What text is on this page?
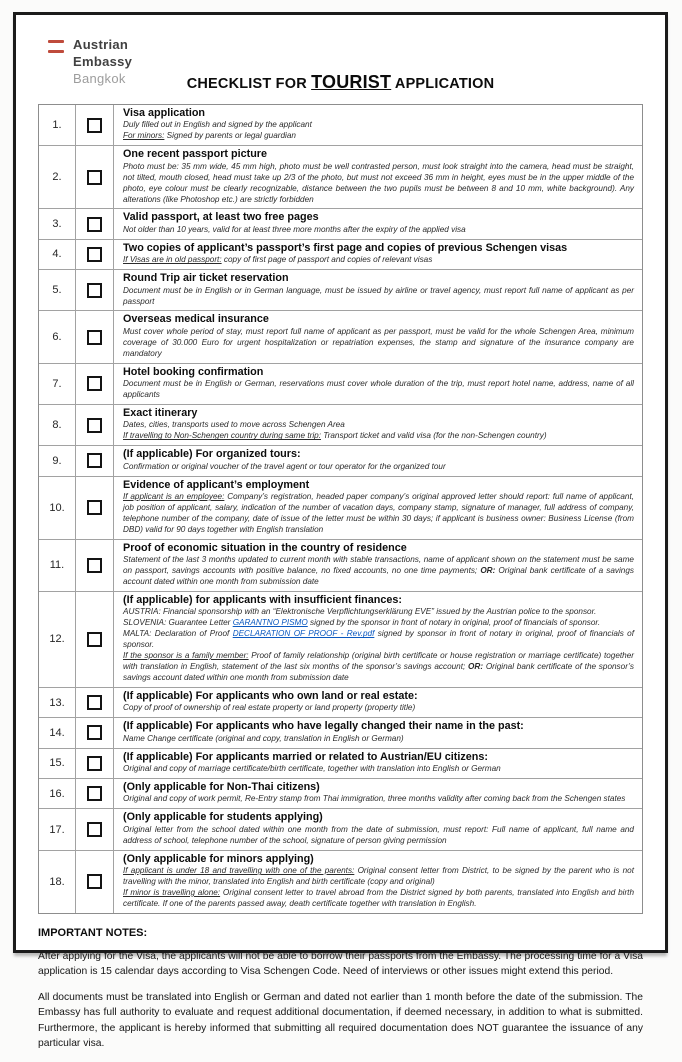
Austrian
Embassy
Bangkok	CHECKLIST FOR TOURIST APPLICATION
1.
Visa application
Duly filled out in English and signed by the applicant
For minors: Signed by parents or legal guardian
2.
One recent passport picture
Photo must be: 35 mm wide, 45 mm high, photo must be well contrasted person, must look straight into the camera, head must be straight, not tilted, mouth closed, head must take up 2/3 of the photo, but must not exceed 36 mm in height, eyes must be in the upper middle of the photo, eye colour must be clearly recognizable, distance between the two pupils must be between 8 and 10 mm, white background). Any alterations (like Photoshop etc.) are strictly forbidden
3.
Valid passport, at least two free pages
Not older than 10 years, valid for at least three more months after the expiry of the applied visa
4.
Two copies of applicant’s passport’s first page and copies of previous Schengen visas
If Visas are in old passport: copy of first page of passport and copies of relevant visas
5.
Round Trip air ticket reservation
Document must be in English or in German language, must be issued by airline or travel agency, must report full name of applicant as per passport
6.
Overseas medical insurance
Must cover whole period of stay, must report full name of applicant as per passport, must be valid for the whole Schengen Area, minimum coverage of 30.000 Euro for urgent hospitalization or repatriation expenses, the stamp and signature of the insurance company are mandatory
7.
Hotel booking confirmation
Document must be in English or German, reservations must cover whole duration of the trip, must report hotel name, address, name of all applicants
8.
Exact itinerary
Dates, cities, transports used to move across Schengen Area
If travelling to Non-Schengen country during same trip: Transport ticket and valid visa (for the non-Schengen country)
9.
(If applicable) For organized tours:
Confirmation or original voucher of the travel agent or tour operator for the organized tour
10.
Evidence of applicant’s employment
If applicant is an employee: Company’s registration, headed paper company’s original approved letter should report: full name of applicant, job position of applicant, salary, indication of the number of vacation days, company stamp, signature of manager, full address of company, telephone number of the company, date of issue of the letter must be within 30 days; if applicant is business owner: Business License (from DBD) valid for 90 days together with English translation
11.
Proof of economic situation in the country of residence
Statement of the last 3 months updated to current month with stable transactions, name of applicant shown on the statement must be same on passport, savings accounts with positive balance, no fixed accounts, no one time payments; OR: Original bank certificate of a savings account dated within one month from submission date
12.
(If applicable) for applicants with insufficient finances:
AUSTRIA: Financial sponsorship with an “Elektronische Verpflichtungserklärung EVE” issued by the Austrian police to the sponsor.
SLOVENIA: Guarantee Letter GARANTNO PISMO signed by the sponsor in front of notary in original, proof of financials of sponsor.
MALTA: Declaration of Proof DECLARATION OF PROOF - Rev.pdf signed by sponsor in front of notary in original, proof of financials of sponsor.
If the sponsor is a family member: Proof of family relationship (original birth certificate or house registration or marriage certificate) together with translation in English, statement of the last six months of the sponsor’s savings account; OR: Original bank certificate of the sponsor’s savings account dated within one month from submission date
13.
(If applicable) For applicants who own land or real estate:
Copy of proof of ownership of real estate property or land property (property title)
14.
(If applicable) For applicants who have legally changed their name in the past:
Name Change certificate (original and copy, translation in English or German)
15.
(If applicable) For applicants married or related to Austrian/EU citizens:
Original and copy of marriage certificate/birth certificate, together with translation into English or German
16.
(Only applicable for Non-Thai citizens)
Original and copy of work permit, Re-Entry stamp from Thai immigration, three months validity after coming back from the Schengen states
17.
(Only applicable for students applying)
Original letter from the school dated within one month from the date of submission, must report: Full name of applicant, full name and address of school, telephone number of the school, signature of person giving permission
18.
(Only applicable for minors applying)
If applicant is under 18 and travelling with one of the parents: Original consent letter from District, to be signed by the parent who is not travelling with the minor, translated into English and birth certificate (copy and original)
If minor is travelling alone: Original consent letter to travel abroad from the District signed by both parents, translated into English and birth certificate. If one of the parents passed away, death certificate together with translation in English.
IMPORTANT NOTES:

After applying for the Visa, the applicants will not be able to borrow their passports from the Embassy. The processing time for a Visa application is 15 calendar days according to Visa Schengen Code. Need of interviews or other issues might extend this period.

All documents must be translated into English or German and dated not earlier than 1 month before the date of the submission. The Embassy has full authority to evaluate and request additional documentation, if deemed necessary, in addition to what is submitted. Furthermore, the applicant is hereby informed that submitting all required documentation does NOT guarantee the issuance of any particular visa.
